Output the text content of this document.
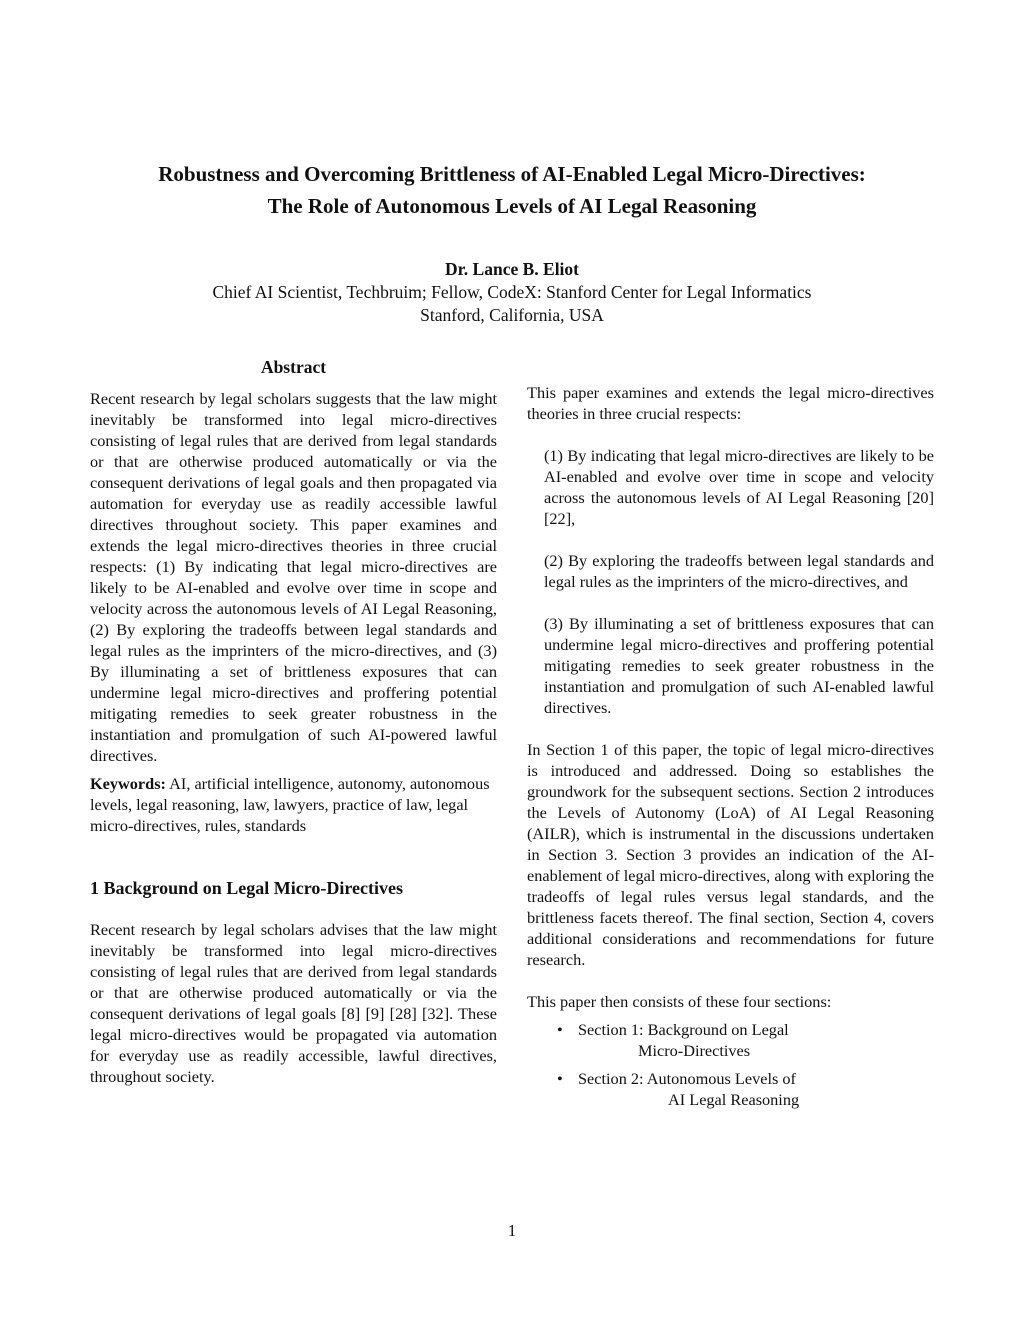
Robustness and Overcoming Brittleness of AI-Enabled Legal Micro-Directives:
The Role of Autonomous Levels of AI Legal Reasoning
Dr. Lance B. Eliot
Chief AI Scientist, Techbruim; Fellow, CodeX: Stanford Center for Legal Informatics
Stanford, California, USA
Abstract

Recent research by legal scholars suggests that the law might inevitably be transformed into legal micro-directives consisting of legal rules that are derived from legal standards or that are otherwise produced automatically or via the consequent derivations of legal goals and then propagated via automation for everyday use as readily accessible lawful directives throughout society. This paper examines and extends the legal micro-directives theories in three crucial respects: (1) By indicating that legal micro-directives are likely to be AI-enabled and evolve over time in scope and velocity across the autonomous levels of AI Legal Reasoning, (2) By exploring the tradeoffs between legal standards and legal rules as the imprinters of the micro-directives, and (3) By illuminating a set of brittleness exposures that can undermine legal micro-directives and proffering potential mitigating remedies to seek greater robustness in the instantiation and promulgation of such AI-powered lawful directives.

Keywords: AI, artificial intelligence, autonomy, autonomous levels, legal reasoning, law, lawyers, practice of law, legal micro-directives, rules, standards

1 Background on Legal Micro-Directives

Recent research by legal scholars advises that the law might inevitably be transformed into legal micro-directives consisting of legal rules that are derived from legal standards or that are otherwise produced automatically or via the consequent derivations of legal goals [8] [9] [28] [32]. These legal micro-directives would be propagated via automation for everyday use as readily accessible, lawful directives, throughout society.

This paper examines and extends the legal micro-directives theories in three crucial respects:

(1) By indicating that legal micro-directives are likely to be AI-enabled and evolve over time in scope and velocity across the autonomous levels of AI Legal Reasoning [20] [22],

(2) By exploring the tradeoffs between legal standards and legal rules as the imprinters of the micro-directives, and

(3) By illuminating a set of brittleness exposures that can undermine legal micro-directives and proffering potential mitigating remedies to seek greater robustness in the instantiation and promulgation of such AI-enabled lawful directives.

In Section 1 of this paper, the topic of legal micro-directives is introduced and addressed. Doing so establishes the groundwork for the subsequent sections. Section 2 introduces the Levels of Autonomy (LoA) of AI Legal Reasoning (AILR), which is instrumental in the discussions undertaken in Section 3. Section 3 provides an indication of the AI-enablement of legal micro-directives, along with exploring the tradeoffs of legal rules versus legal standards, and the brittleness facets thereof. The final section, Section 4, covers additional considerations and recommendations for future research.

This paper then consists of these four sections:

• Section 1: Background on Legal
Micro-Directives
• Section 2: Autonomous Levels of
AI Legal Reasoning
1
